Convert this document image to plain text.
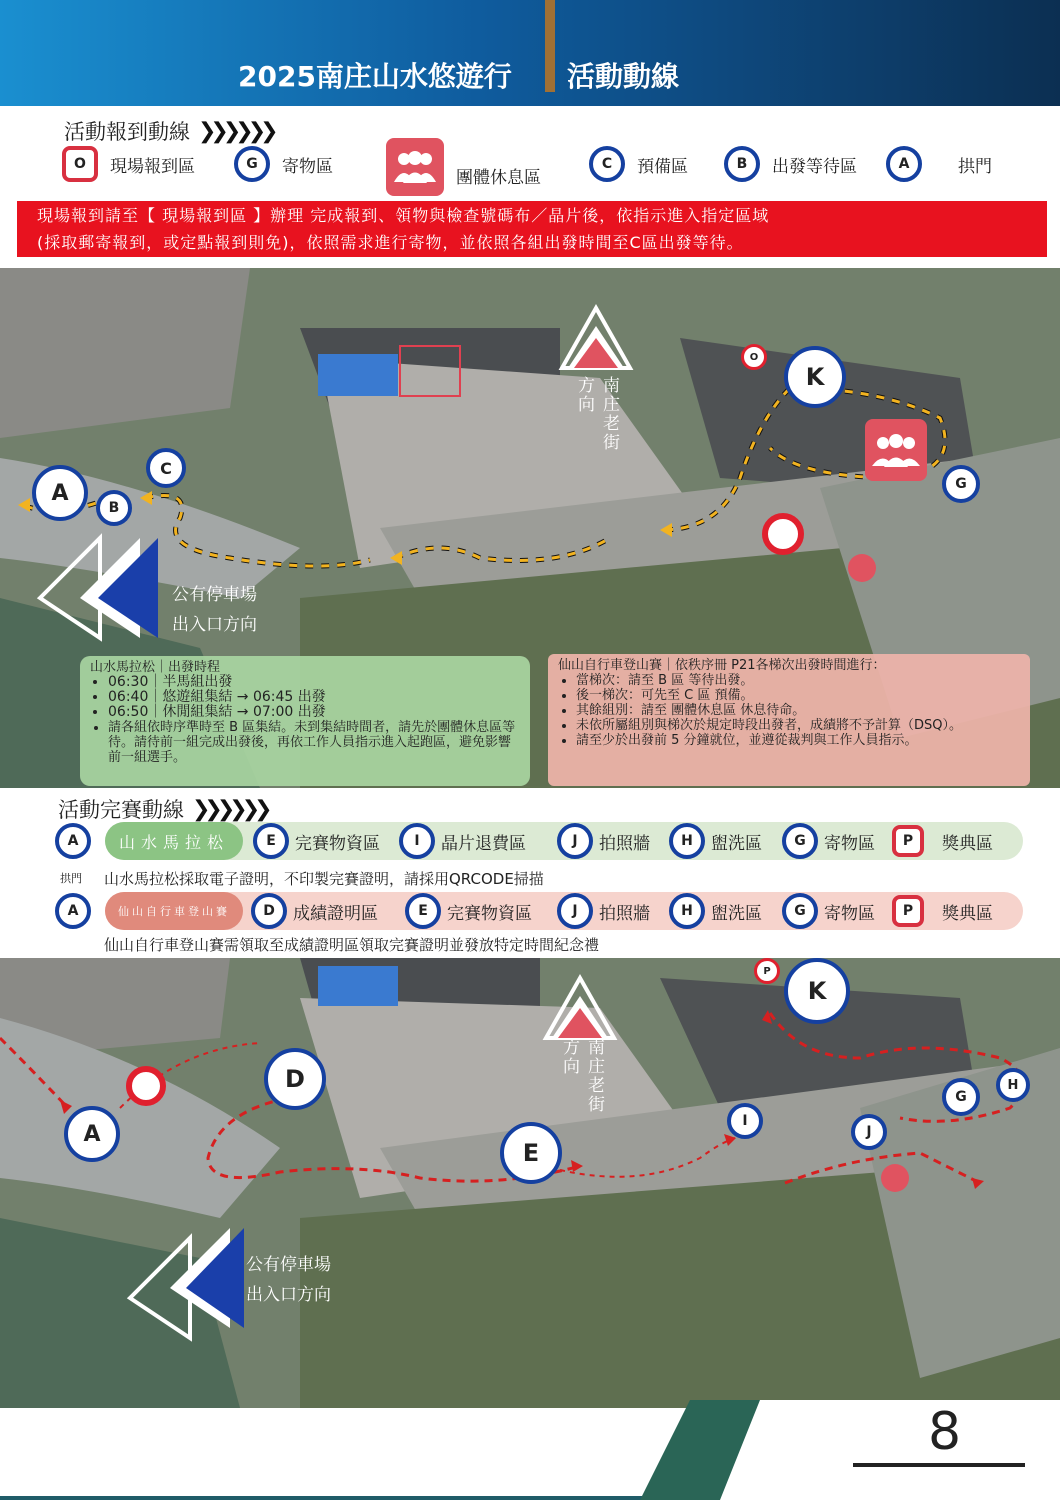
2025南庄山水悠遊行 活動動線
活動報到動線 ❯❯❯❯❯❯
O	現場報到區	G	寄物區
團體休息區
C	預備區	B	出發等待區	A	拱門
現場報到請至【 現場報到區 】辦理 完成報到、領物與檢查號碼布／晶片後，依指示進入指定區域
(採取郵寄報到，或定點報到則免)，依照需求進行寄物，並依照各組出發時間至C區出發等待。
A
B
C
K
G
O
南庄老街方向
公有停車場
出入口方向
山水馬拉松｜出發時程
• 06:30｜半馬組出發
• 06:40｜悠遊組集結 → 06:45 出發
• 06:50｜休閒組集結 → 07:00 出發
• 請各組依時序準時至 B 區集結。未到集結時間者，請先於團體休息區等待。請待前一組完成出發後，再依工作人員指示進入起跑區，避免影響前一組選手。
仙山自行車登山賽｜依秩序冊 P21各梯次出發時間進行：
• 當梯次：請至 B 區 等待出發。
• 後一梯次：可先至 C 區 預備。
• 其餘組別：請至 團體休息區 休息待命。
• 未依所屬組別與梯次於規定時段出發者，成績將不予計算（DSQ）。
• 請至少於出發前 5 分鐘就位，並遵從裁判與工作人員指示。
活動完賽動線 ❯❯❯❯❯❯
山水馬拉松
A	E	完賽物資區	I	晶片退費區	J	拍照牆	H	盥洗區	G	寄物區	P	獎典區
拱門 山水馬拉松採取電子證明，不印製完賽證明，請採用QRCODE掃描
仙山自行車登山賽
A	D	成績證明區	E	完賽物資區	J	拍照牆	H	盥洗區	G	寄物區	P	獎典區
仙山自行車登山賽需領取至成績證明區領取完賽證明並發放特定時間紀念禮
A
D
E
I
J
G
H
K
P
南庄老街方向
公有停車場
出入口方向
8
